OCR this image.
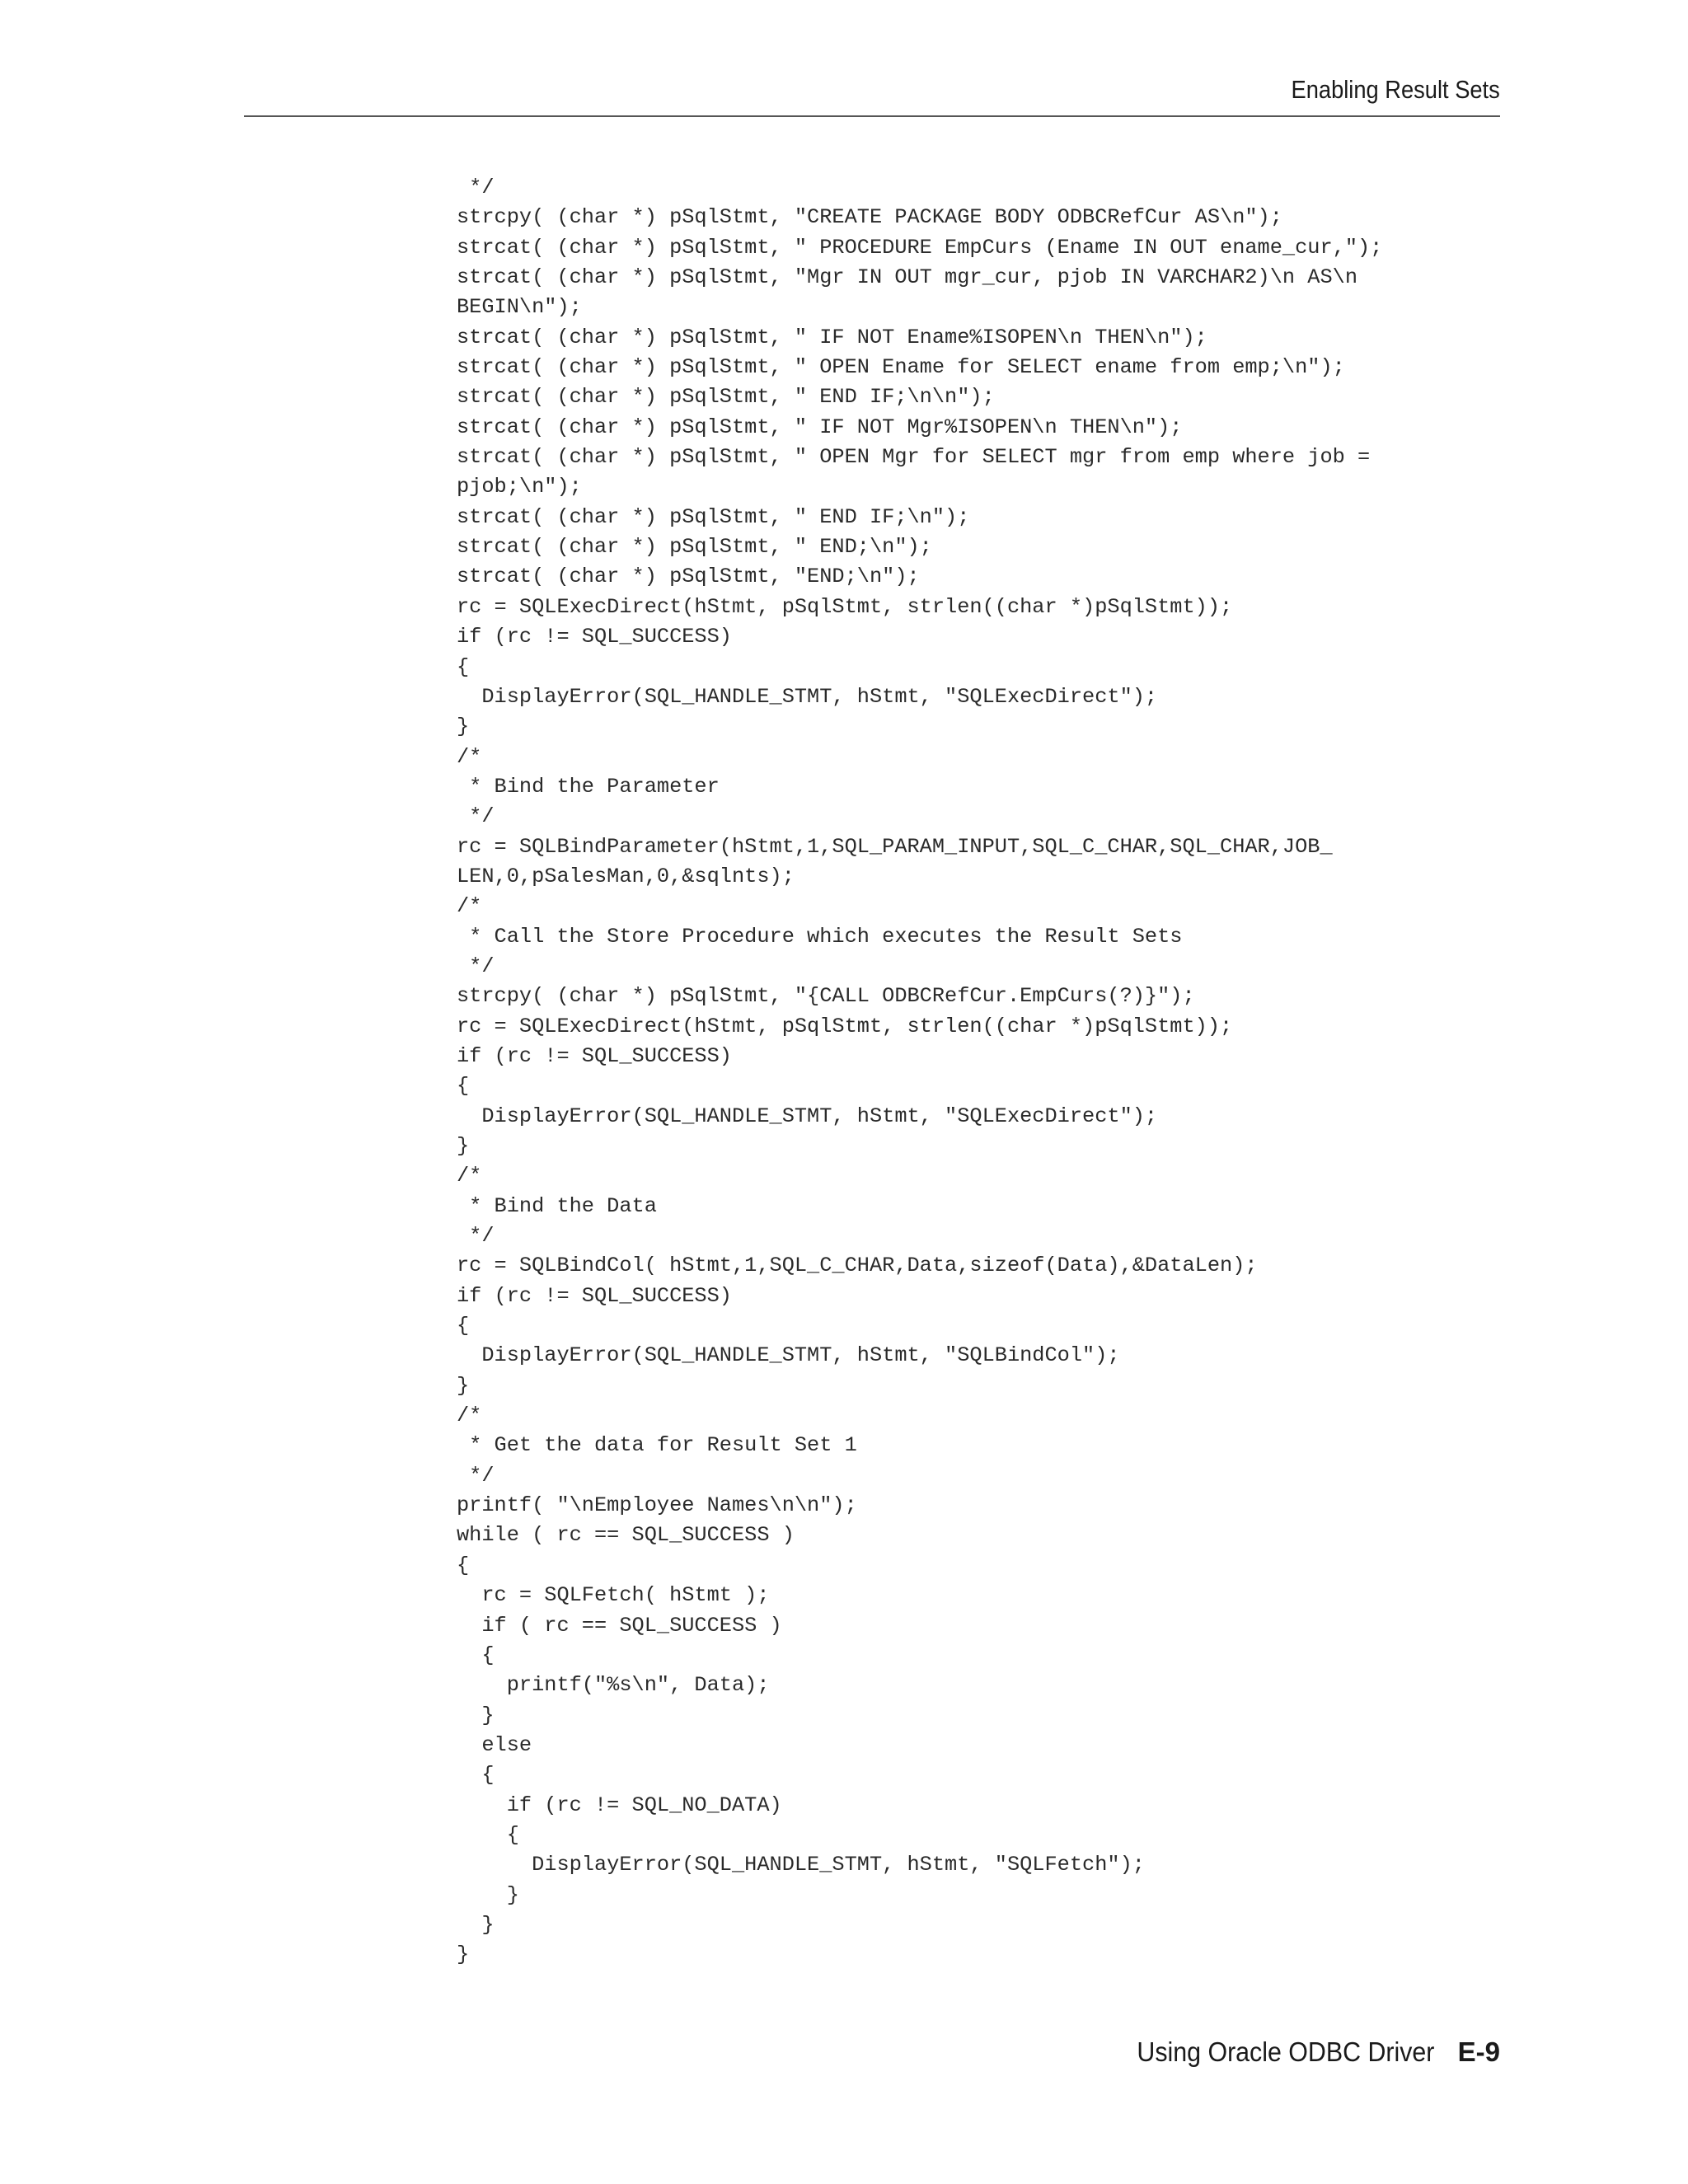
Enabling Result Sets
*/
strcpy( (char *) pSqlStmt, "CREATE PACKAGE BODY ODBCRefCur AS\n");
strcat( (char *) pSqlStmt, " PROCEDURE EmpCurs (Ename IN OUT ename_cur,");
strcat( (char *) pSqlStmt, "Mgr IN OUT mgr_cur, pjob IN VARCHAR2)\n AS\n
BEGIN\n");
strcat( (char *) pSqlStmt, " IF NOT Ename%ISOPEN\n THEN\n");
strcat( (char *) pSqlStmt, " OPEN Ename for SELECT ename from emp;\n");
strcat( (char *) pSqlStmt, " END IF;\n\n");
strcat( (char *) pSqlStmt, " IF NOT Mgr%ISOPEN\n THEN\n");
strcat( (char *) pSqlStmt, " OPEN Mgr for SELECT mgr from emp where job =
pjob;\n");
strcat( (char *) pSqlStmt, " END IF;\n");
strcat( (char *) pSqlStmt, " END;\n");
strcat( (char *) pSqlStmt, "END;\n");
rc = SQLExecDirect(hStmt, pSqlStmt, strlen((char *)pSqlStmt));
if (rc != SQL_SUCCESS)
{
DisplayError(SQL_HANDLE_STMT, hStmt, "SQLExecDirect");
}
/*
* Bind the Parameter
*/
rc = SQLBindParameter(hStmt,1,SQL_PARAM_INPUT,SQL_C_CHAR,SQL_CHAR,JOB_
LEN,0,pSalesMan,0,&sqlnts);
/*
* Call the Store Procedure which executes the Result Sets
*/
strcpy( (char *) pSqlStmt, "{CALL ODBCRefCur.EmpCurs(?)}");
rc = SQLExecDirect(hStmt, pSqlStmt, strlen((char *)pSqlStmt));
if (rc != SQL_SUCCESS)
{
DisplayError(SQL_HANDLE_STMT, hStmt, "SQLExecDirect");
}
/*
* Bind the Data
*/
rc = SQLBindCol( hStmt,1,SQL_C_CHAR,Data,sizeof(Data),&DataLen);
if (rc != SQL_SUCCESS)
{
DisplayError(SQL_HANDLE_STMT, hStmt, "SQLBindCol");
}
/*
* Get the data for Result Set 1
*/
printf( "\nEmployee Names\n\n");
while ( rc == SQL_SUCCESS )
{
rc = SQLFetch( hStmt );
if ( rc == SQL_SUCCESS )
{
printf("%s\n", Data);
}
else
{
if (rc != SQL_NO_DATA)
{
DisplayError(SQL_HANDLE_STMT, hStmt, "SQLFetch");
}
}
}
Using Oracle ODBC Driver E-9
